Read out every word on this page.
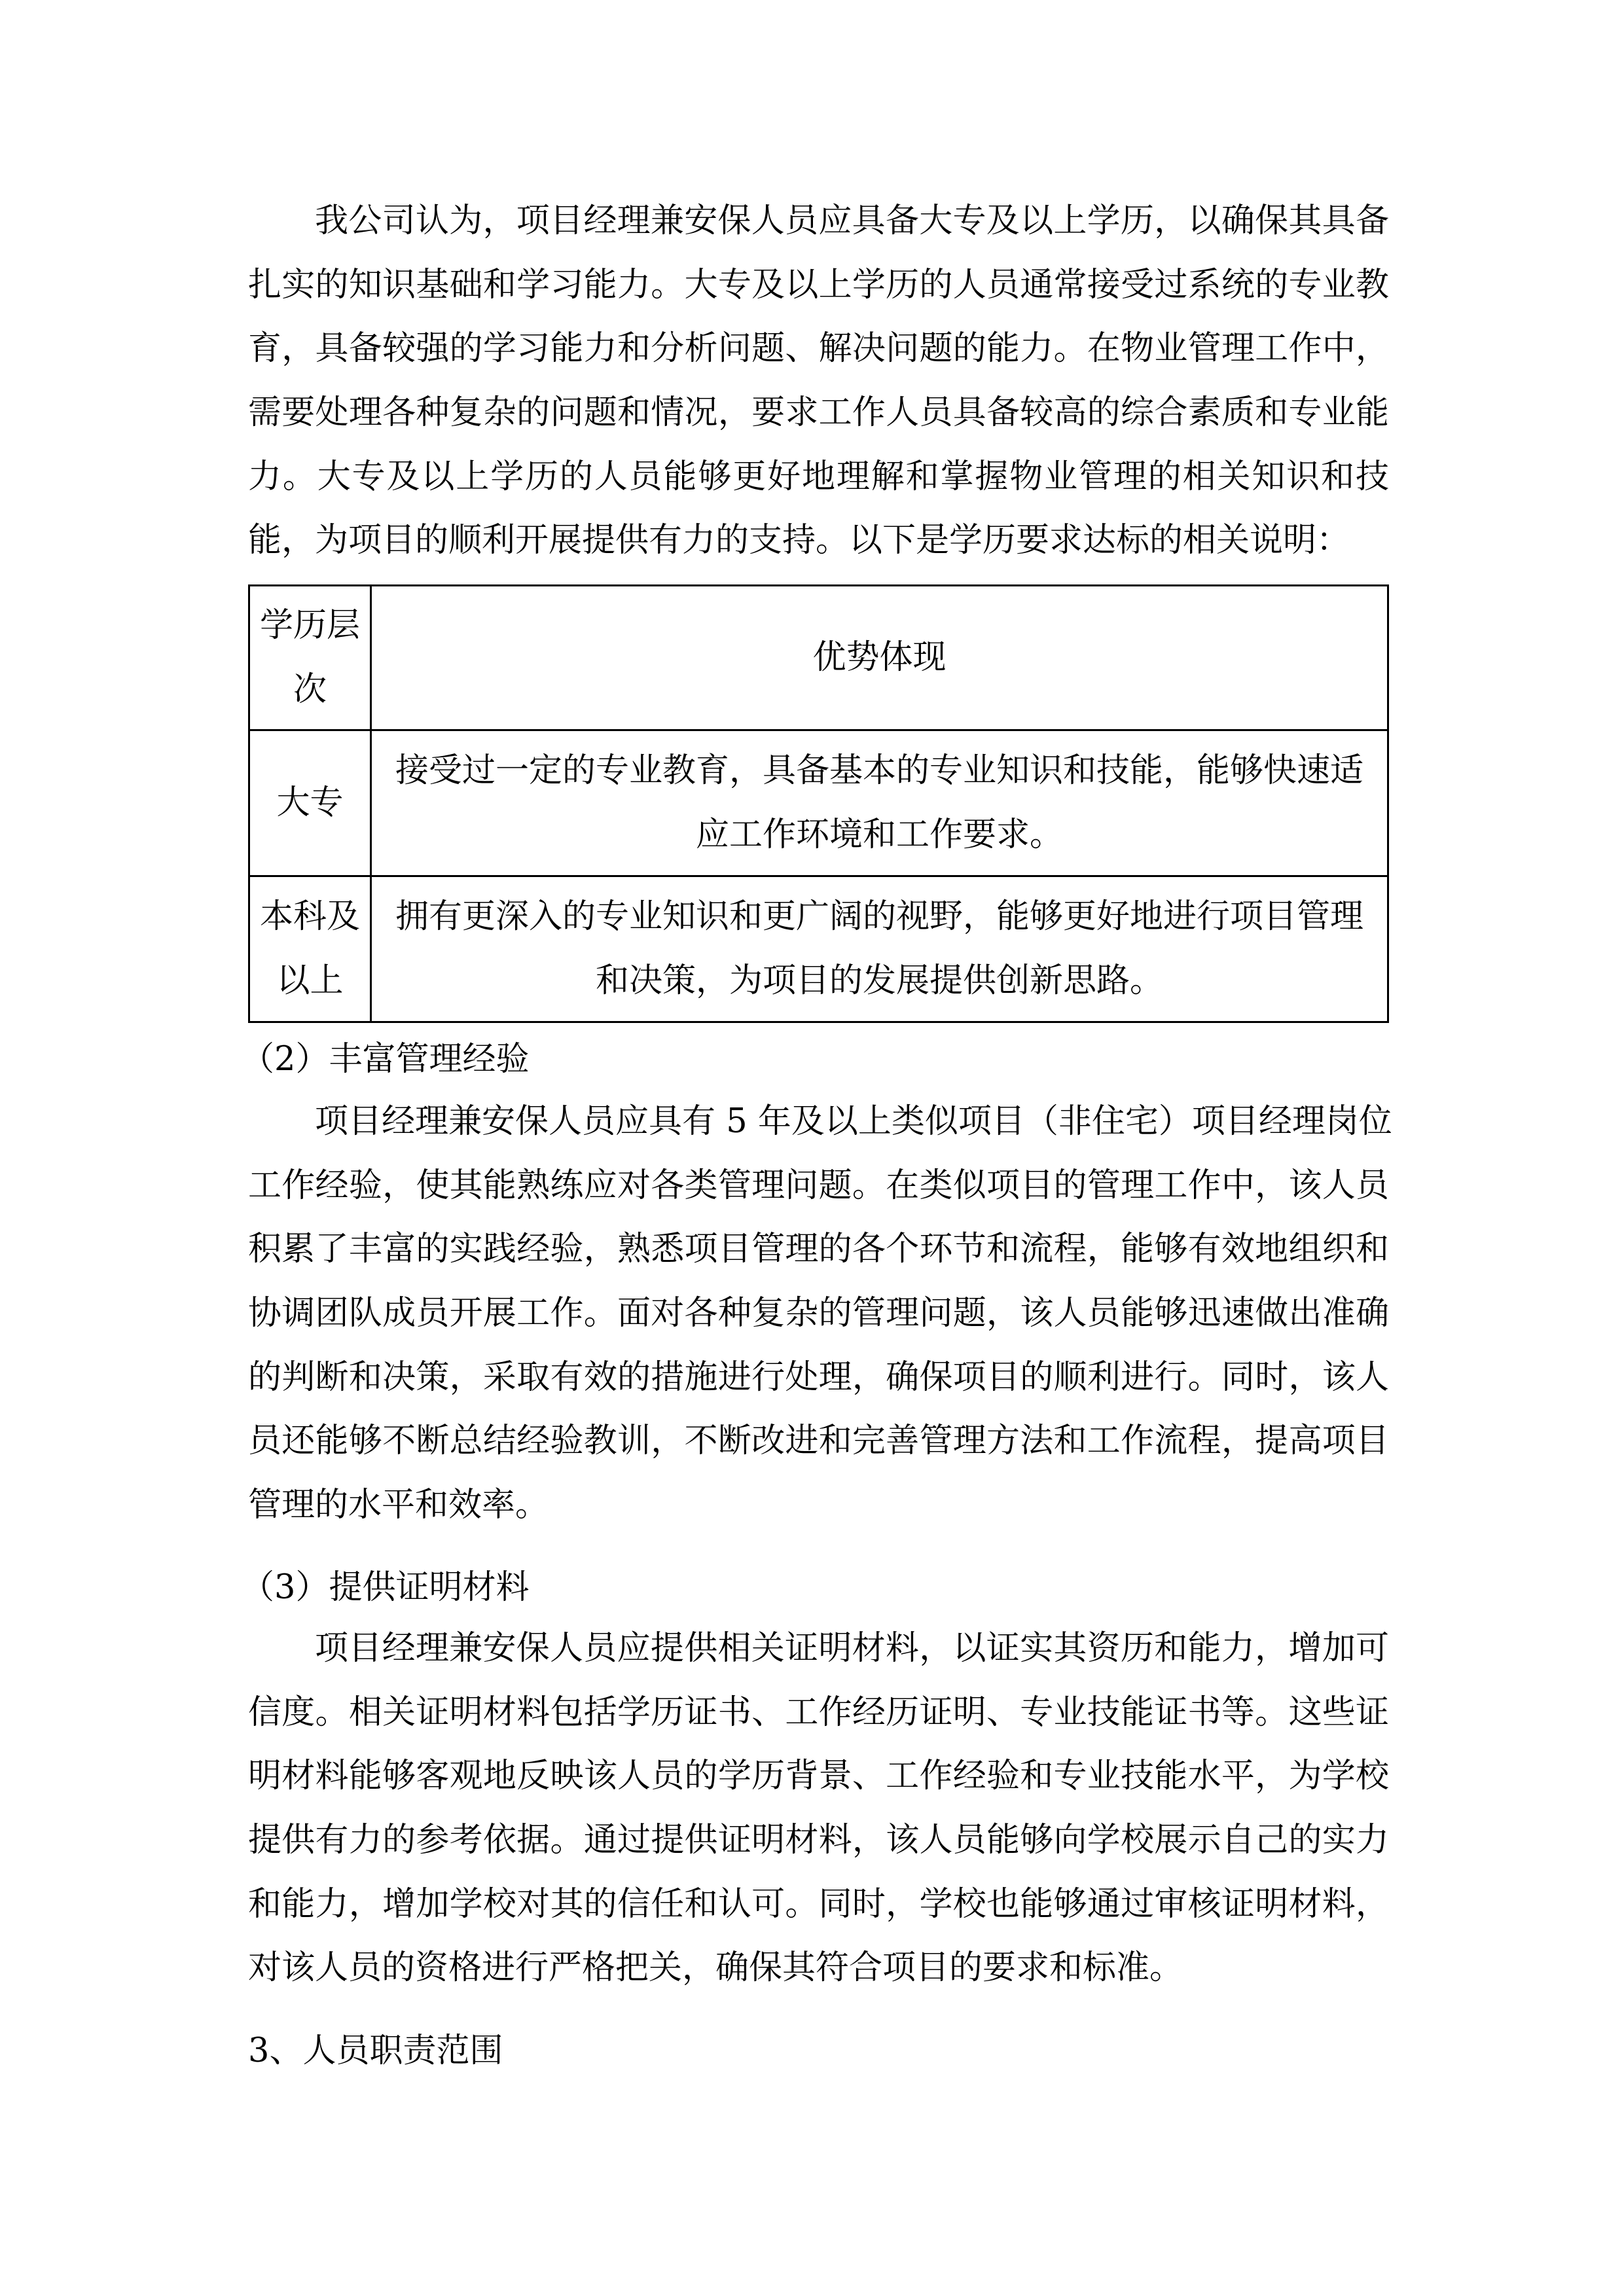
我公司认为，项目经理兼安保人员应具备大专及以上学历，以确保其具备
扎实的知识基础和学习能力。大专及以上学历的人员通常接受过系统的专业教
育，具备较强的学习能力和分析问题、解决问题的能力。在物业管理工作中，
需要处理各种复杂的问题和情况，要求工作人员具备较高的综合素质和专业能
力。大专及以上学历的人员能够更好地理解和掌握物业管理的相关知识和技
能，为项目的顺利开展提供有力的支持。以下是学历要求达标的相关说明：
学历层次	优势体现

大专	接受过一定的专业教育，具备基本的专业知识和技能，能够快速适应工作环境和工作要求。

本科及以上	拥有更深入的专业知识和更广阔的视野，能够更好地进行项目管理和决策，为项目的发展提供创新思路。
（2）丰富管理经验
项目经理兼安保人员应具有 5 年及以上类似项目（非住宅）项目经理岗位
工作经验，使其能熟练应对各类管理问题。在类似项目的管理工作中，该人员
积累了丰富的实践经验，熟悉项目管理的各个环节和流程，能够有效地组织和
协调团队成员开展工作。面对各种复杂的管理问题，该人员能够迅速做出准确
的判断和决策，采取有效的措施进行处理，确保项目的顺利进行。同时，该人
员还能够不断总结经验教训，不断改进和完善管理方法和工作流程，提高项目
管理的水平和效率。
（3）提供证明材料
项目经理兼安保人员应提供相关证明材料，以证实其资历和能力，增加可
信度。相关证明材料包括学历证书、工作经历证明、专业技能证书等。这些证
明材料能够客观地反映该人员的学历背景、工作经验和专业技能水平，为学校
提供有力的参考依据。通过提供证明材料，该人员能够向学校展示自己的实力
和能力，增加学校对其的信任和认可。同时，学校也能够通过审核证明材料，
对该人员的资格进行严格把关，确保其符合项目的要求和标准。
3、人员职责范围
